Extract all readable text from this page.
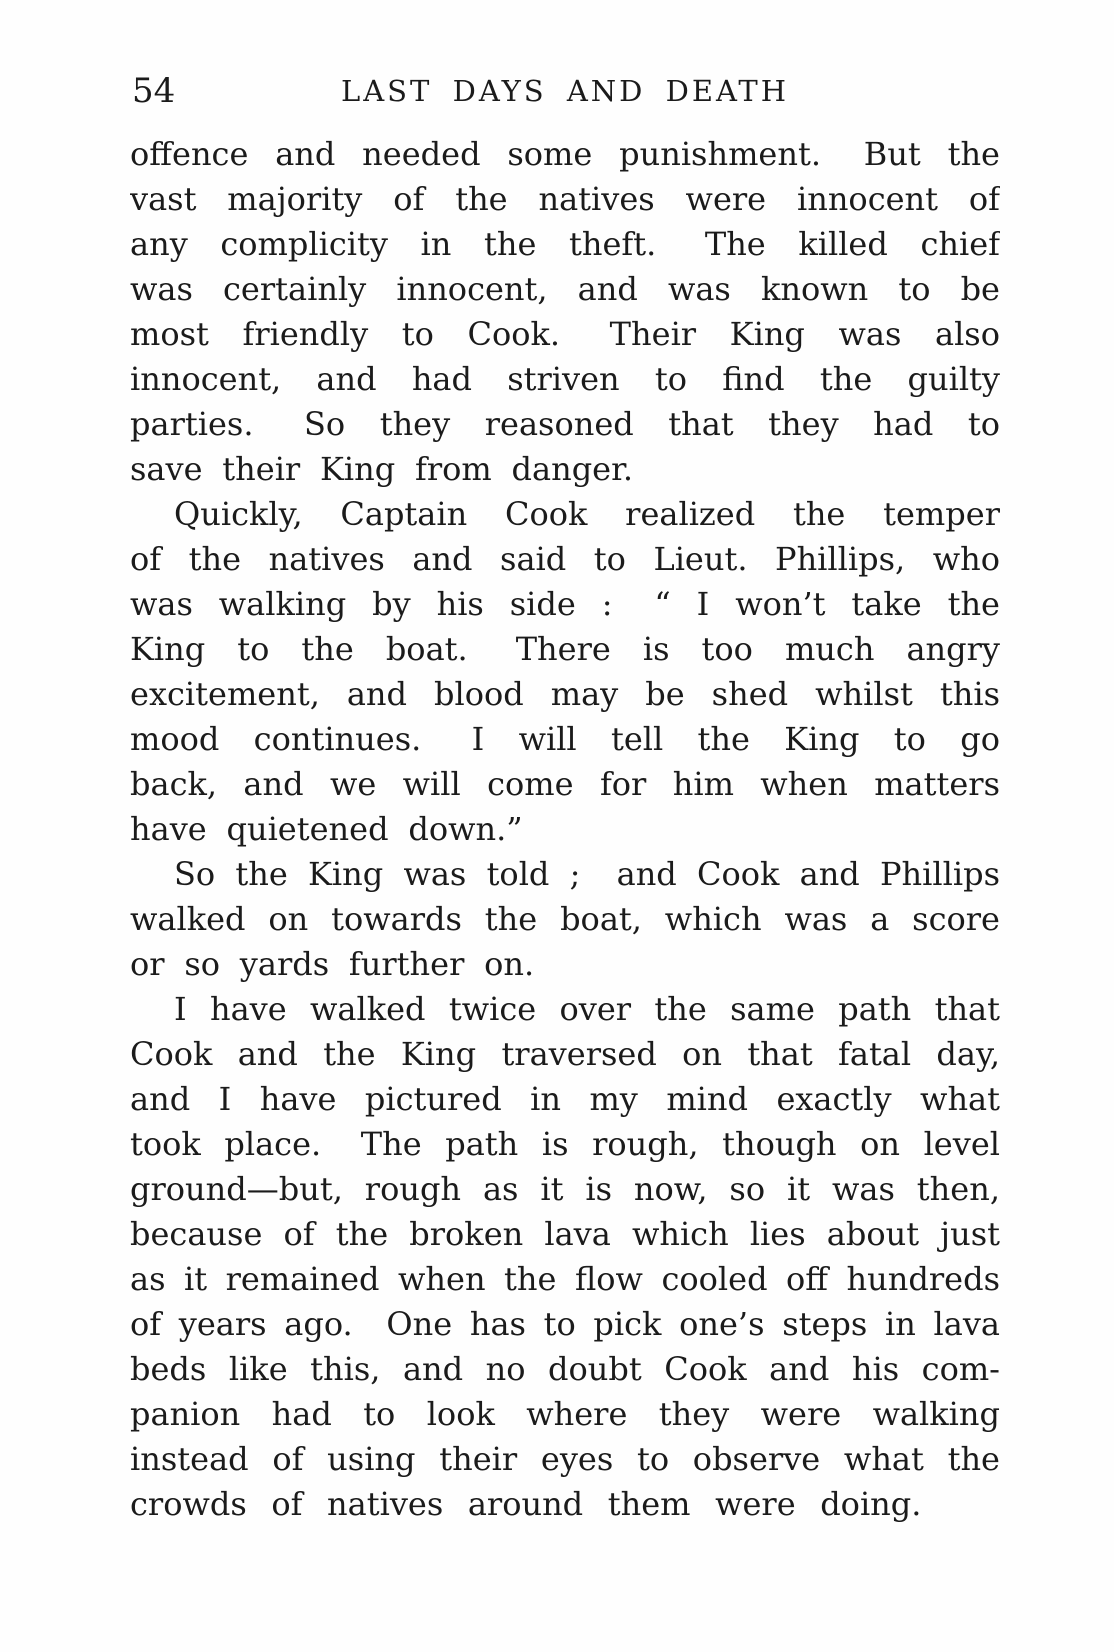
54	LAST DAYS AND DEATH
offence and needed some punishment.  But the
vast majority of the natives were innocent of
any complicity in the theft.  The killed chief
was certainly innocent, and was known to be
most friendly to Cook.  Their King was also
innocent, and had striven to find the guilty
parties.  So they reasoned that they had to
save their King from danger.
Quickly, Captain Cook realized the temper
of the natives and said to Lieut. Phillips, who
was walking by his side :  “ I won’t take the
King to the boat.  There is too much angry
excitement, and blood may be shed whilst this
mood continues.  I will tell the King to go
back, and we will come for him when matters
have quietened down.”
So the King was told ;  and Cook and Phillips
walked on towards the boat, which was a score
or so yards further on.
I have walked twice over the same path that
Cook and the King traversed on that fatal day,
and I have pictured in my mind exactly what
took place.  The path is rough, though on level
ground—but, rough as it is now, so it was then,
because of the broken lava which lies about just
as it remained when the flow cooled off hundreds
of years ago.  One has to pick one’s steps in lava
beds like this, and no doubt Cook and his com-
panion had to look where they were walking
instead of using their eyes to observe what the
crowds of natives around them were doing.
